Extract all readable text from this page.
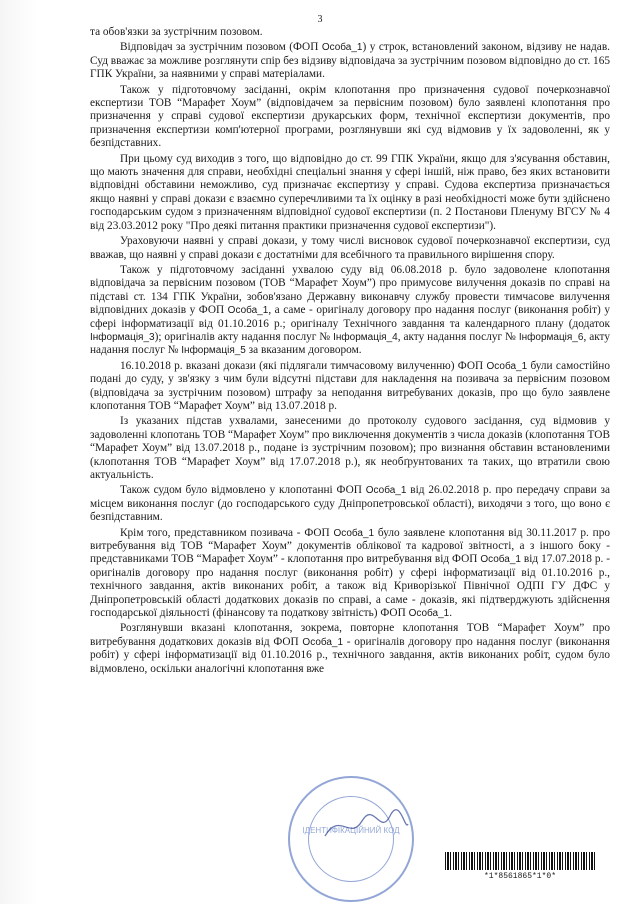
3

та обов'язки за зустрічним позовом.

Відповідач за зустрічним позовом (ФОП Особа_1) у строк, встановлений законом, відзиву не надав. Суд вважає за можливе розглянути спір без відзиву відповідача за зустрічним позовом відповідно до ст. 165 ГПК України, за наявними у справі матеріалами.

Також у підготовчому засіданні, окрім клопотання про призначення судової почеркознавчої експертизи ТОВ “Марафет Хоум” (відповідачем за первісним позовом) було заявлені клопотання про призначення у справі судової експертизи друкарських форм, технічної експертизи документів, про призначення експертизи комп'ютерної програми, розглянувши які суд відмовив у їх задоволенні, як у безпідставних.

При цьому суд виходив з того, що відповідно до ст. 99 ГПК України, якщо для з'ясування обставин, що мають значення для справи, необхідні спеціальні знання у сфері іншій, ніж право, без яких встановити відповідні обставини неможливо, суд призначає експертизу у справі. Судова експертиза призначається якщо наявні у справі докази є взаємно суперечливими та їх оцінку в разі необхідності може бути здійснено господарським судом з призначенням відповідної судової експертизи (п. 2 Постанови Пленуму ВГСУ № 4 від 23.03.2012 року "Про деякі питання практики призначення судової експертизи").

Ураховуючи наявні у справі докази, у тому числі висновок судової почеркознавчої експертизи, суд вважав, що наявні у справі докази є достатніми для всебічного та правильного вирішення спору.

Також у підготовчому засіданні ухвалою суду від 06.08.2018 р. було задоволене клопотання відповідача за первісним позовом (ТОВ “Марафет Хоум”) про примусове вилучення доказів по справі на підставі ст. 134 ГПК України, зобов'язано Державну виконавчу службу провести тимчасове вилучення відповідних доказів у ФОП Особа_1, а саме - оригіналу договору про надання послуг (виконання робіт) у сфері інформатизації від 01.10.2016 р.; оригіналу Технічного завдання та календарного плану (додаток Інформація_3); оригіналів акту надання послуг № Інформація_4, акту надання послуг № Інформація_6, акту надання послуг № Інформація_5 за вказаним договором.

16.10.2018 р. вказані докази (які підлягали тимчасовому вилученню) ФОП Особа_1 були самостійно подані до суду, у зв'язку з чим були відсутні підстави для накладення на позивача за первісним позовом (відповідача за зустрічним позовом) штрафу за неподання витребуваних доказів, про що було заявлене клопотання ТОВ “Марафет Хоум” від 13.07.2018 р.

Із указаних підстав ухвалами, занесеними до протоколу судового засідання, суд відмовив у задоволенні клопотань ТОВ “Марафет Хоум” про виключення документів з числа доказів (клопотання ТОВ “Марафет Хоум” від 13.07.2018 р., подане із зустрічним позовом); про визнання обставин встановленими (клопотання ТОВ “Марафет Хоум” від 17.07.2018 р.), як необґрунтованих та таких, що втратили свою актуальність.

Також судом було відмовлено у клопотанні ФОП Особа_1 від 26.02.2018 р. про передачу справи за місцем виконання послуг (до господарського суду Дніпропетровської області), виходячи з того, що воно є безпідставним.

Крім того, представником позивача - ФОП Особа_1 було заявлене клопотання від 30.11.2017 р. про витребування від ТОВ “Марафет Хоум” документів облікової та кадрової звітності, а з іншого боку - представниками ТОВ “Марафет Хоум” - клопотання про витребування від ФОП Особа_1 від 17.07.2018 р. - оригіналів договору про надання послуг (виконання робіт) у сфері інформатизації від 01.10.2016 р., технічного завдання, актів виконаних робіт, а також від Криворізької Північної ОДПІ ГУ ДФС у Дніпропетровській області додаткових доказів по справі, а саме - доказів, які підтверджують здійснення господарської діяльності (фінансову та податкову звітність) ФОП Особа_1.

Розглянувши вказані клопотання, зокрема, повторне клопотання ТОВ “Марафет Хоум” про витребування додаткових доказів від ФОП Особа_1 - оригіналів договору про надання послуг (виконання робіт) у сфері інформатизації від 01.10.2016 р., технічного завдання, актів виконаних робіт, судом було відмовлено, оскільки аналогічні клопотання вже

ІДЕНТИФІКАЦІЙНИЙ КОД
*1*8561865*1*0*
